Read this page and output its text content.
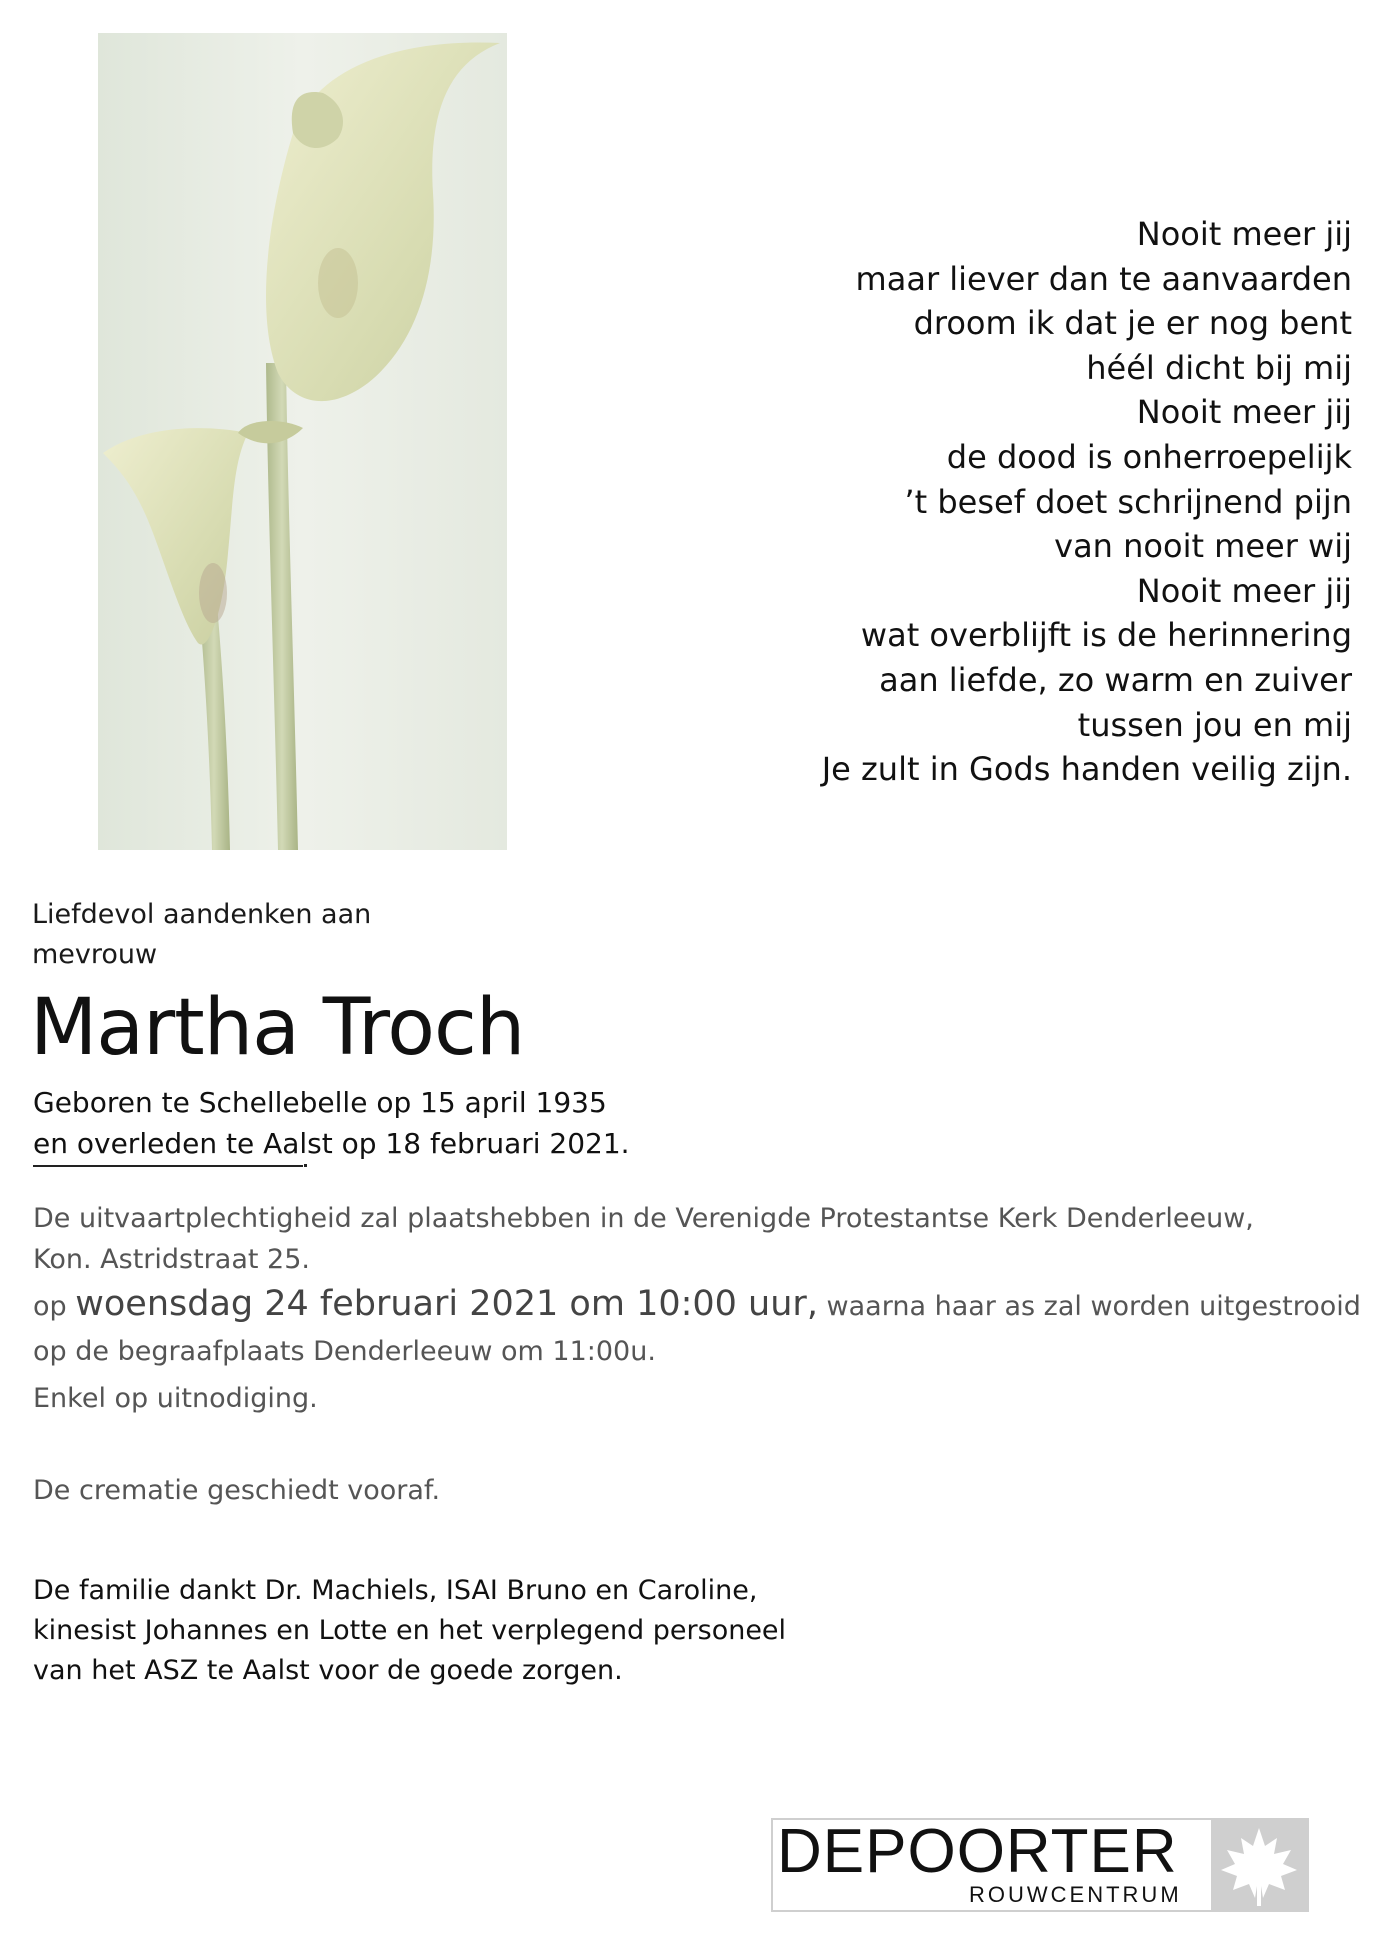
Nooit meer jij
maar liever dan te aanvaarden
droom ik dat je er nog bent
héél dicht bij mij
Nooit meer jij
de dood is onherroepelijk
’t besef doet schrijnend pijn
van nooit meer wij
Nooit meer jij
wat overblijft is de herinnering
aan liefde, zo warm en zuiver
tussen jou en mij
Je zult in Gods handen veilig zijn.
Liefdevol aandenken aan
mevrouw
Martha Troch
Geboren te Schellebelle op 15 april 1935
en overleden te Aalst op 18 februari 2021.
De uitvaartplechtigheid zal plaatshebben in de Verenigde Protestantse Kerk Denderleeuw,
Kon. Astridstraat 25.
op woensdag 24 februari 2021 om 10:00 uur, waarna haar as zal worden uitgestrooid
op de begraafplaats Denderleeuw om 11:00u.
Enkel op uitnodiging.
De crematie geschiedt vooraf.
De familie dankt Dr. Machiels, ISAI Bruno en Caroline,
kinesist Johannes en Lotte en het verplegend personeel
van het ASZ te Aalst voor de goede zorgen.
DEPOORTER
ROUWCENTRUM
